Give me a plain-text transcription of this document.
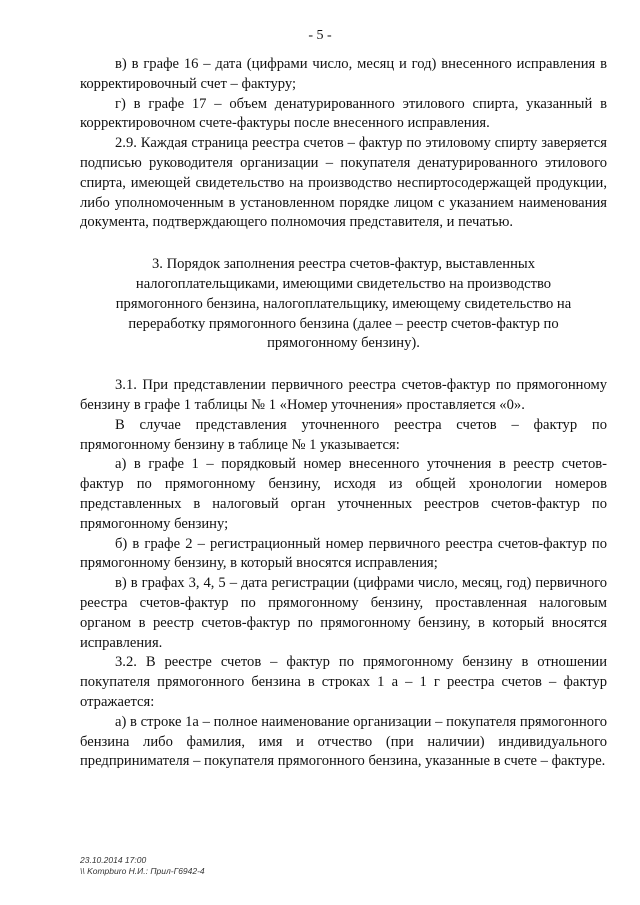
- 5 -

в) в графе 16 – дата (цифрами число, месяц и год) внесенного исправления в корректировочный счет – фактуру;

г) в графе 17 – объем денатурированного этилового спирта, указанный в корректировочном счете-фактуры после внесенного исправления.

2.9. Каждая страница реестра счетов – фактур по этиловому спирту заверяется подписью руководителя организации – покупателя денатурированного этилового спирта, имеющей свидетельство на производство неспиртосодержащей продукции, либо уполномоченным в установленном порядке лицом с указанием наименования документа, подтверждающего полномочия представителя, и печатью.

3. Порядок заполнения реестра счетов-фактур, выставленных налогоплательщиками, имеющими свидетельство на производство прямогонного бензина, налогоплательщику, имеющему свидетельство на переработку прямогонного бензина (далее – реестр счетов-фактур по прямогонному бензину).

3.1. При представлении первичного реестра счетов-фактур по прямогонному бензину в графе 1 таблицы № 1 «Номер уточнения» проставляется «0».

В случае представления уточненного реестра счетов – фактур по прямогонному бензину в таблице № 1 указывается:

а) в графе 1 – порядковый номер внесенного уточнения в реестр счетов-фактур по прямогонному бензину, исходя из общей хронологии номеров представленных в налоговый орган уточненных реестров счетов-фактур по прямогонному бензину;

б) в графе 2 – регистрационный номер первичного реестра счетов-фактур по прямогонному бензину, в который вносятся исправления;

в) в графах 3, 4, 5 – дата регистрации (цифрами число, месяц, год) первичного реестра счетов-фактур по прямогонному бензину, проставленная налоговым органом в реестр счетов-фактур по прямогонному бензину, в который вносятся исправления.

3.2. В реестре счетов – фактур по прямогонному бензину в отношении покупателя прямогонного бензина в строках 1 а – 1 г реестра счетов – фактур отражается:

а) в строке 1а – полное наименование организации – покупателя прямогонного бензина либо фамилия, имя и отчество (при наличии) индивидуального предпринимателя – покупателя прямогонного бензина, указанные в счете – фактуре.

23.10.2014 17:00
\\ Kompburo Н.И.: Прил-Г6942-4
